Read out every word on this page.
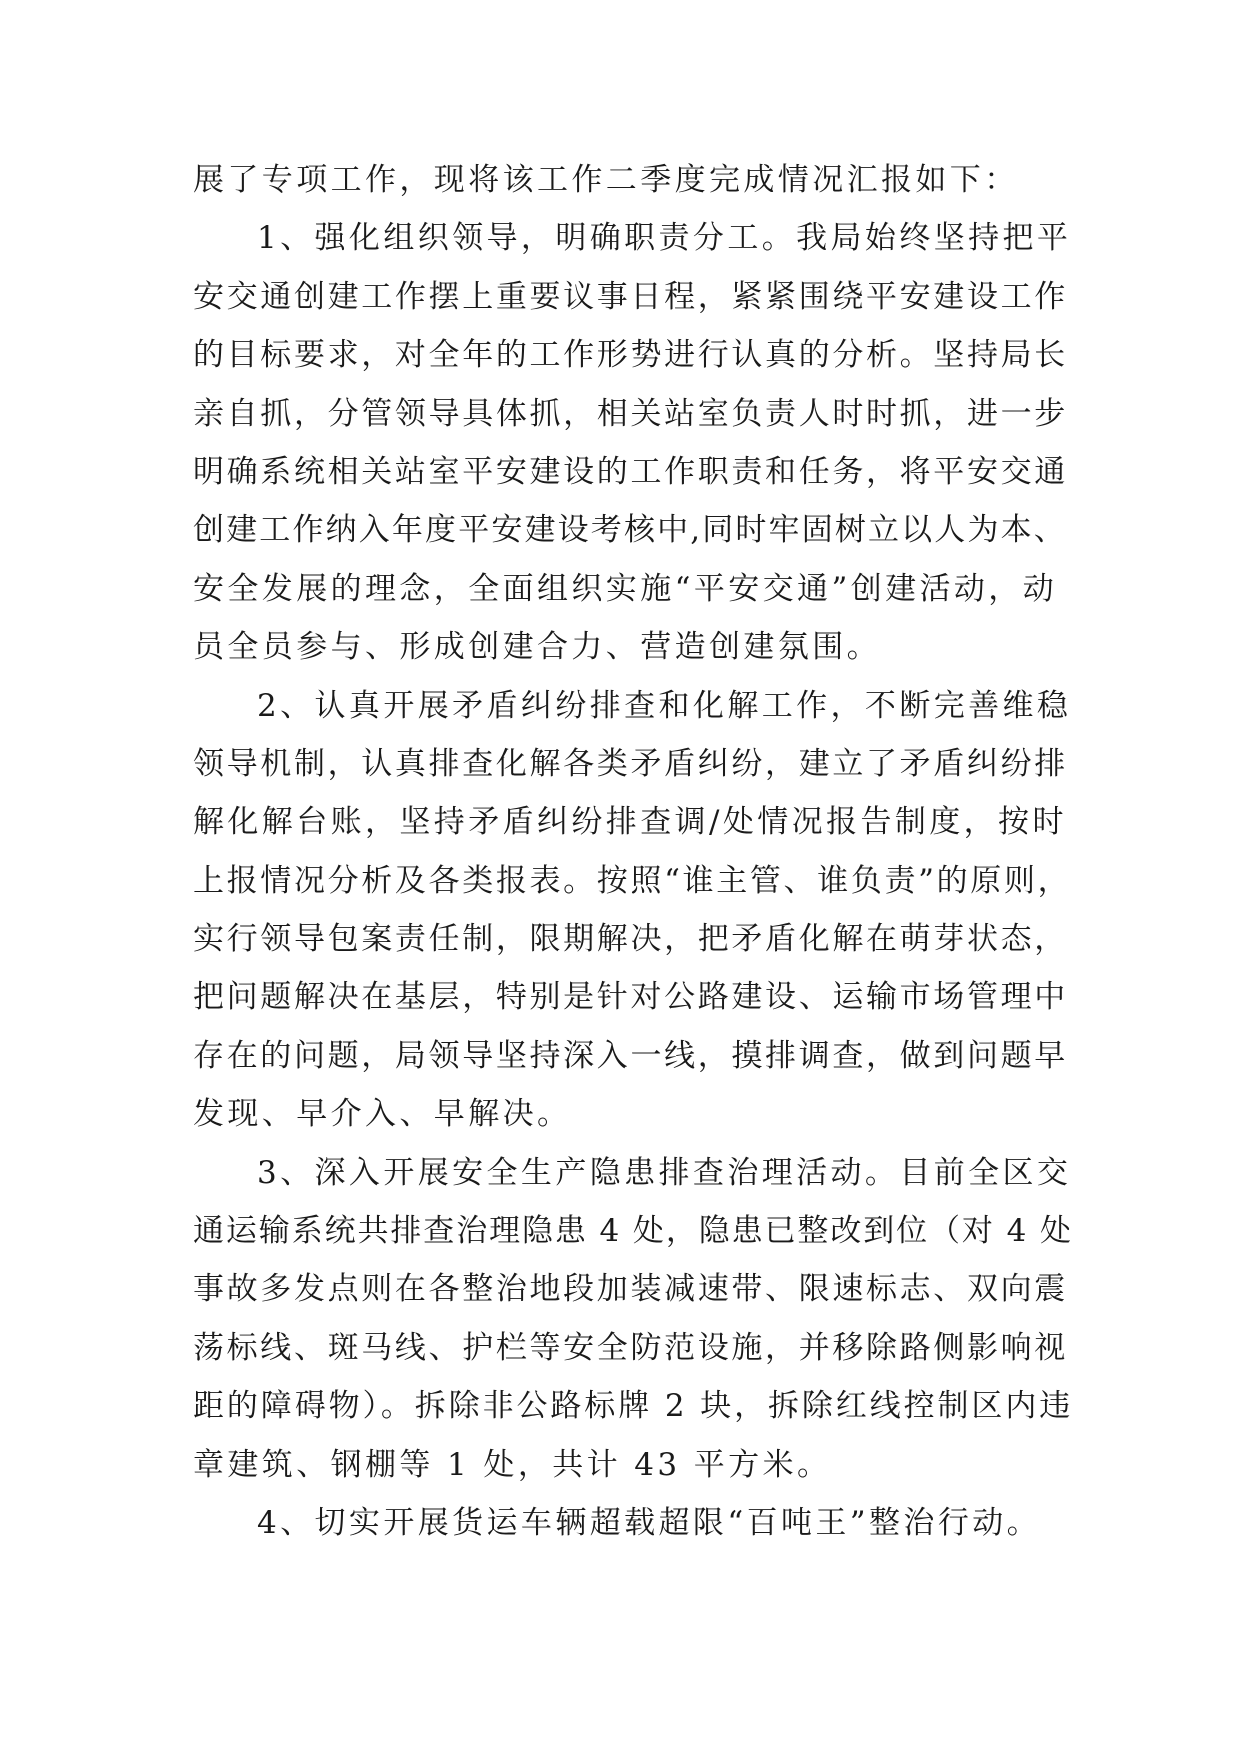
展了专项工作，现将该工作二季度完成情况汇报如下：
1、强化组织领导，明确职责分工。我局始终坚持把平
安交通创建工作摆上重要议事日程，紧紧围绕平安建设工作
的目标要求，对全年的工作形势进行认真的分析。坚持局长
亲自抓，分管领导具体抓，相关站室负责人时时抓，进一步
明确系统相关站室平安建设的工作职责和任务，将平安交通
创建工作纳入年度平安建设考核中,同时牢固树立以人为本、
安全发展的理念，全面组织实施“平安交通”创建活动，动
员全员参与、形成创建合力、营造创建氛围。
2、认真开展矛盾纠纷排查和化解工作，不断完善维稳
领导机制，认真排查化解各类矛盾纠纷，建立了矛盾纠纷排
解化解台账，坚持矛盾纠纷排查调/处情况报告制度，按时
上报情况分析及各类报表。按照“谁主管、谁负责”的原则，
实行领导包案责任制，限期解决，把矛盾化解在萌芽状态，
把问题解决在基层，特别是针对公路建设、运输市场管理中
存在的问题，局领导坚持深入一线，摸排调查，做到问题早
发现、早介入、早解决。
3、深入开展安全生产隐患排查治理活动。目前全区交
通运输系统共排查治理隐患 4 处，隐患已整改到位（对 4 处
事故多发点则在各整治地段加装减速带、限速标志、双向震
荡标线、斑马线、护栏等安全防范设施，并移除路侧影响视
距的障碍物）。拆除非公路标牌 2 块，拆除红线控制区内违
章建筑、钢棚等 1 处，共计 43 平方米。
4、切实开展货运车辆超载超限“百吨王”整治行动。
